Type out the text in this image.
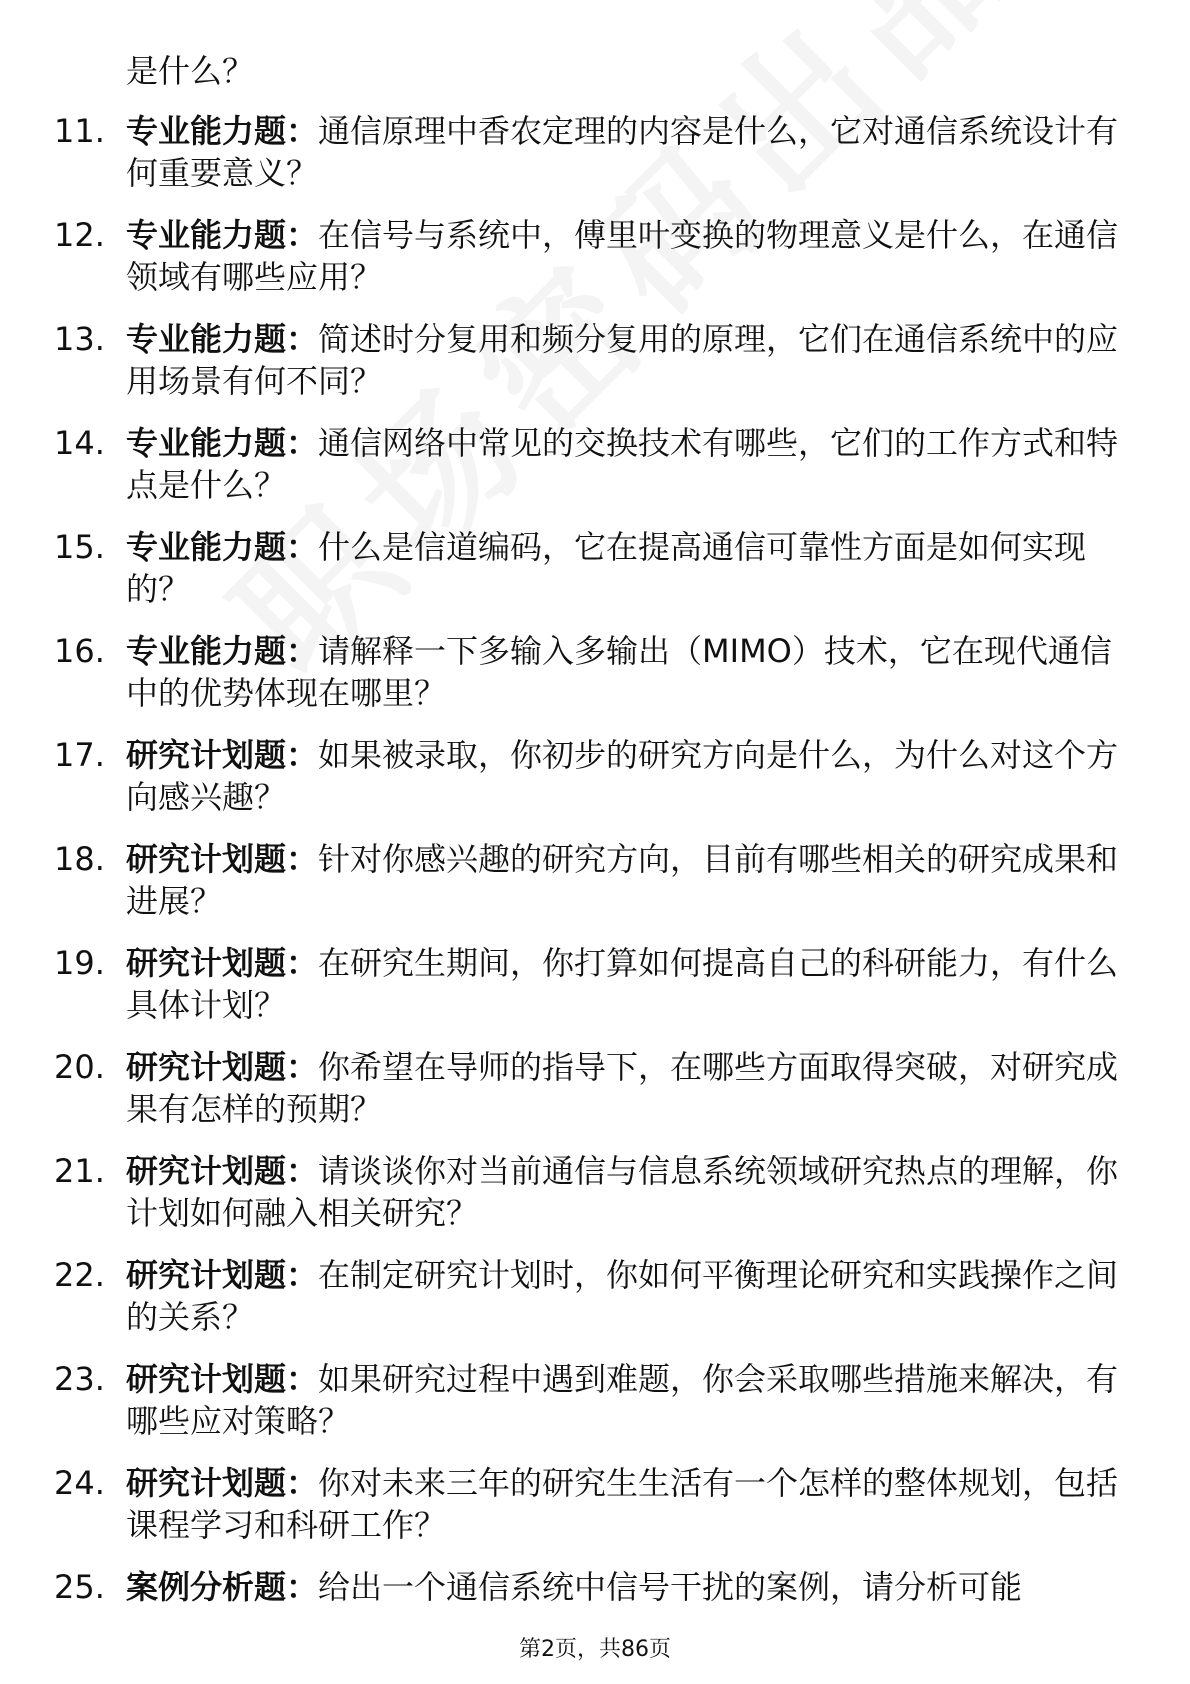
是什么？

11. 专业能力题：通信原理中香农定理的内容是什么，它对通信系统设计有何重要意义？
12. 专业能力题：在信号与系统中，傅里叶变换的物理意义是什么，在通信领域有哪些应用？
13. 专业能力题：简述时分复用和频分复用的原理，它们在通信系统中的应用场景有何不同？
14. 专业能力题：通信网络中常见的交换技术有哪些，它们的工作方式和特点是什么？
15. 专业能力题：什么是信道编码，它在提高通信可靠性方面是如何实现的？
16. 专业能力题：请解释一下多输入多输出（MIMO）技术，它在现代通信中的优势体现在哪里？
17. 研究计划题：如果被录取，你初步的研究方向是什么，为什么对这个方向感兴趣？
18. 研究计划题：针对你感兴趣的研究方向，目前有哪些相关的研究成果和进展？
19. 研究计划题：在研究生期间，你打算如何提高自己的科研能力，有什么具体计划？
20. 研究计划题：你希望在导师的指导下，在哪些方面取得突破，对研究成果有怎样的预期？
21. 研究计划题：请谈谈你对当前通信与信息系统领域研究热点的理解，你计划如何融入相关研究？
22. 研究计划题：在制定研究计划时，你如何平衡理论研究和实践操作之间的关系？
23. 研究计划题：如果研究过程中遇到难题，你会采取哪些措施来解决，有哪些应对策略？
24. 研究计划题：你对未来三年的研究生生活有一个怎样的整体规划，包括课程学习和科研工作？
25. 案例分析题：给出一个通信系统中信号干扰的案例，请分析可能
第2页，共86页
